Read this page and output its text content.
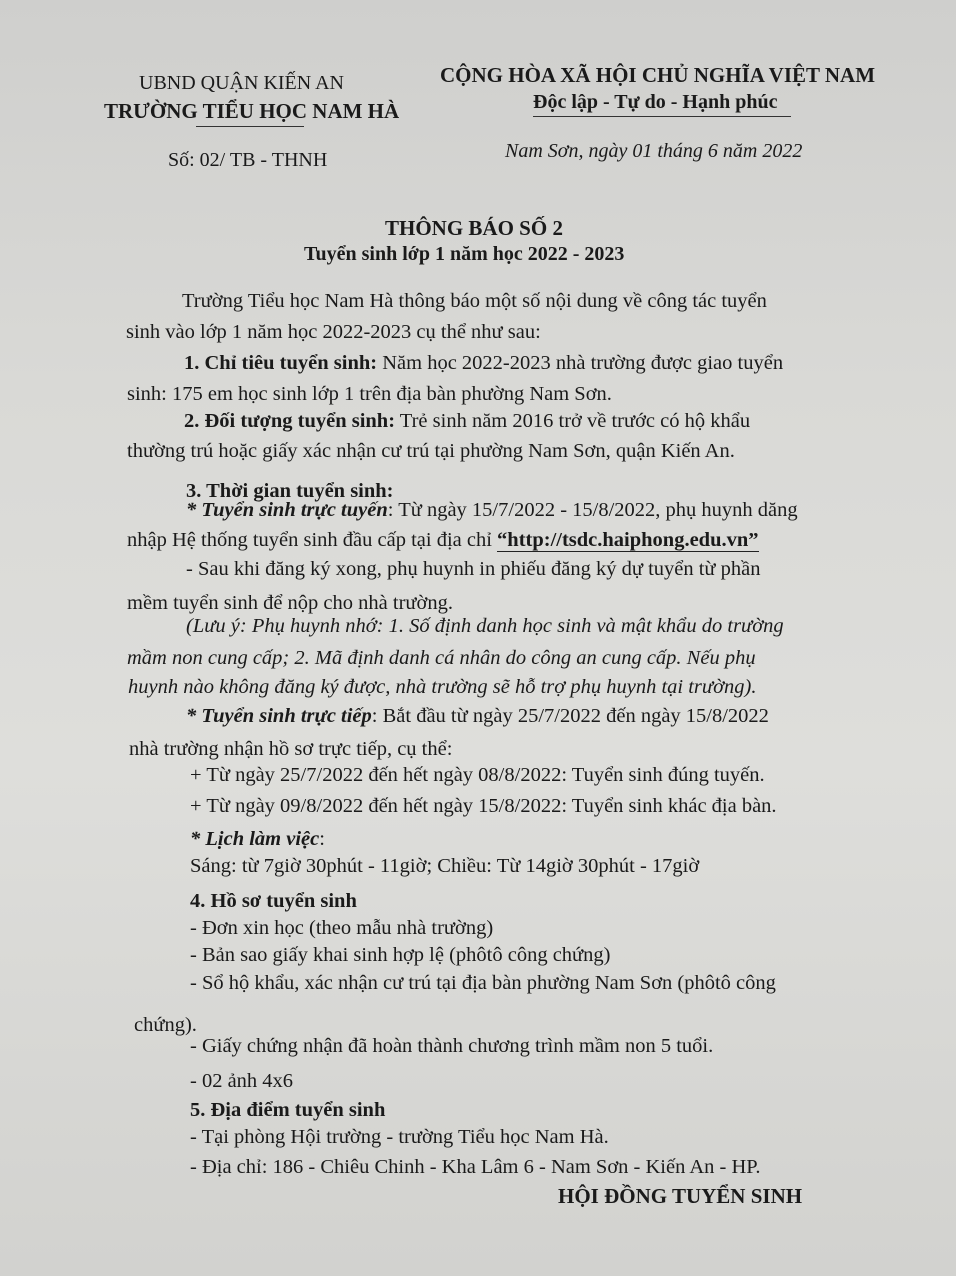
UBND QUẬN KIẾN AN
TRƯỜNG TIỂU HỌC NAM HÀ
Số: 02/ TB - THNH
CỘNG HÒA XÃ HỘI CHỦ NGHĨA VIỆT NAM
Độc lập - Tự do - Hạnh phúc
Nam Sơn, ngày 01 tháng 6 năm 2022
THÔNG BÁO SỐ 2
Tuyển sinh lớp 1 năm học 2022 - 2023
Trường Tiểu học Nam Hà thông báo một số nội dung về công tác tuyển
sinh vào lớp 1 năm học 2022-2023 cụ thể như sau:
1. Chỉ tiêu tuyển sinh: Năm học 2022-2023 nhà trường được giao tuyển
sinh: 175 em học sinh lớp 1 trên địa bàn phường Nam Sơn.
2. Đối tượng tuyển sinh: Trẻ sinh năm 2016 trở về trước có hộ khẩu
thường trú hoặc giấy xác nhận cư trú tại phường Nam Sơn, quận Kiến An.
3. Thời gian tuyển sinh:
* Tuyển sinh trực tuyến: Từ ngày 15/7/2022 - 15/8/2022, phụ huynh dăng
nhập Hệ thống tuyển sinh đầu cấp tại địa chỉ “http://tsdc.haiphong.edu.vn”
- Sau khi đăng ký xong, phụ huynh in phiếu đăng ký dự tuyển từ phần
mềm tuyển sinh để nộp cho nhà trường.
(Lưu ý: Phụ huynh nhớ: 1. Số định danh học sinh và mật khẩu do trường
mầm non cung cấp; 2. Mã định danh cá nhân do công an cung cấp. Nếu phụ
huynh nào không đăng ký được, nhà trường sẽ hỗ trợ phụ huynh tại trường).
* Tuyển sinh trực tiếp: Bắt đầu từ ngày 25/7/2022 đến ngày 15/8/2022
nhà trường nhận hồ sơ trực tiếp, cụ thể:
+ Từ ngày 25/7/2022 đến hết ngày 08/8/2022: Tuyển sinh đúng tuyến.
+ Từ ngày 09/8/2022 đến hết ngày 15/8/2022: Tuyển sinh khác địa bàn.
* Lịch làm việc:
Sáng: từ 7giờ 30phút - 11giờ; Chiều: Từ 14giờ 30phút - 17giờ
4. Hồ sơ tuyển sinh
- Đơn xin học (theo mẫu nhà trường)
- Bản sao giấy khai sinh hợp lệ (phôtô công chứng)
- Sổ hộ khẩu, xác nhận cư trú tại địa bàn phường Nam Sơn (phôtô công
chứng).
- Giấy chứng nhận đã hoàn thành chương trình mầm non 5 tuổi.
- 02 ảnh 4x6
5. Địa điểm tuyển sinh
- Tại phòng Hội trường - trường Tiểu học Nam Hà.
- Địa chỉ: 186 - Chiêu Chinh - Kha Lâm 6 - Nam Sơn - Kiến An - HP.
HỘI ĐỒNG TUYỂN SINH
